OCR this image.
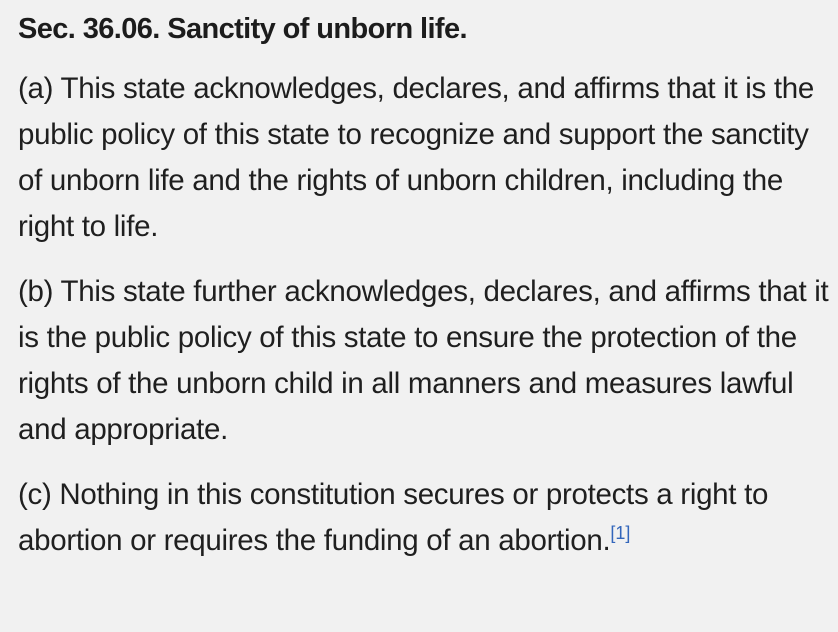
Sec. 36.06. Sanctity of unborn life.

(a) This state acknowledges, declares, and affirms that it is the public policy of this state to recognize and support the sanctity of unborn life and the rights of unborn children, including the right to life.

(b) This state further acknowledges, declares, and affirms that it is the public policy of this state to ensure the protection of the rights of the unborn child in all manners and measures lawful and appropriate.

(c) Nothing in this constitution secures or protects a right to abortion or requires the funding of an abortion.[1]
